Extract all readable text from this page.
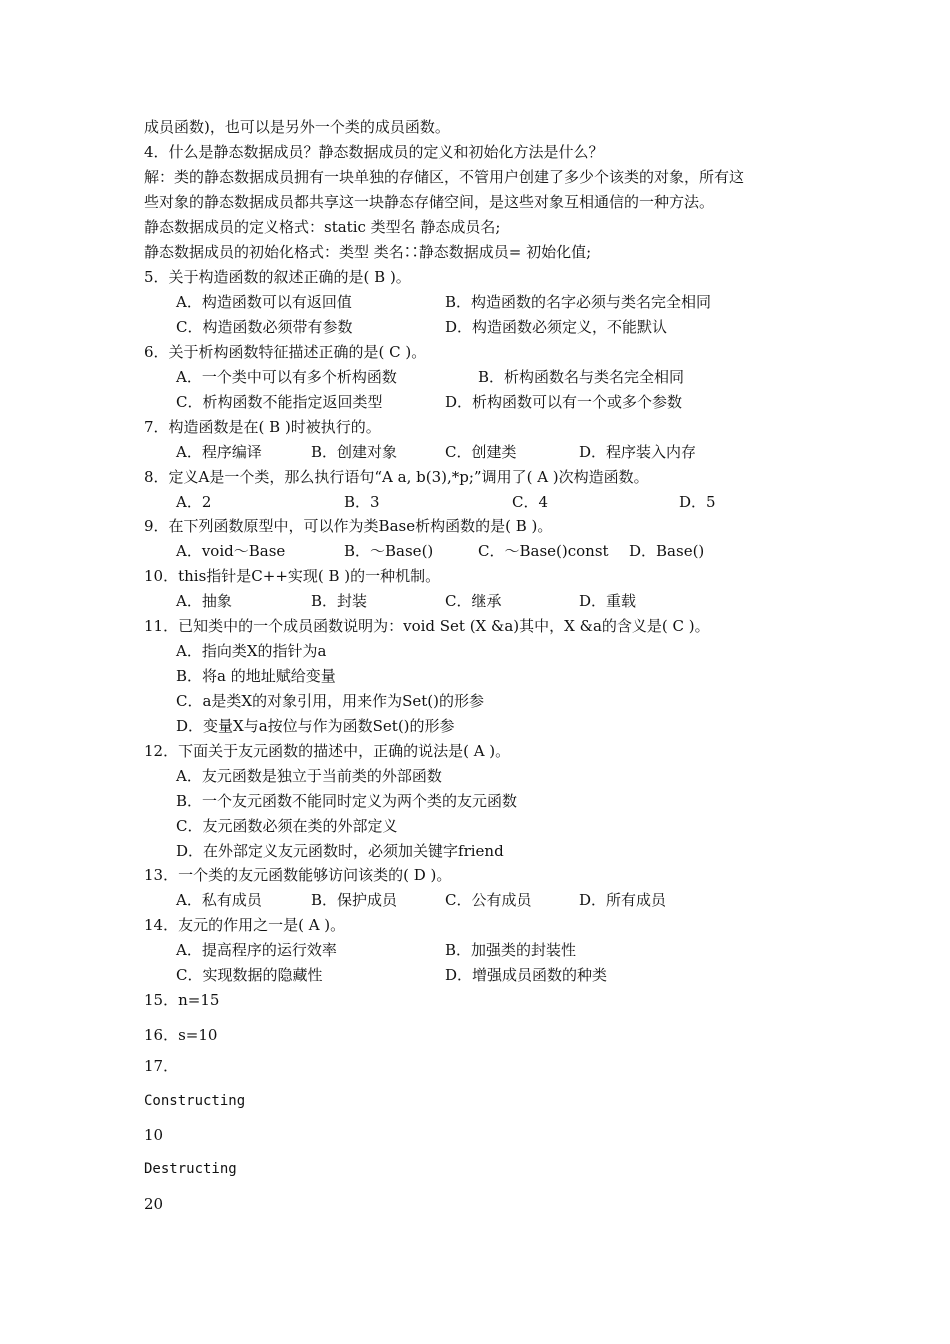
成员函数)，也可以是另外一个类的成员函数。
4．什么是静态数据成员？静态数据成员的定义和初始化方法是什么？
解：类的静态数据成员拥有一块单独的存储区，不管用户创建了多少个该类的对象，所有这
些对象的静态数据成员都共享这一块静态存储空间，是这些对象互相通信的一种方法。
静态数据成员的定义格式：static 类型名 静态成员名;
静态数据成员的初始化格式：类型 类名∷静态数据成员= 初始化值;
5．关于构造函数的叙述正确的是( B )。
A．构造函数可以有返回值	B．构造函数的名字必须与类名完全相同
C．构造函数必须带有参数	D．构造函数必须定义，不能默认
6．关于析构函数特征描述正确的是( C )。
A．一个类中可以有多个析构函数	B．析构函数名与类名完全相同
C．析构函数不能指定返回类型	D．析构函数可以有一个或多个参数
7．构造函数是在( B )时被执行的。
A．程序编译	B．创建对象	C．创建类	D．程序装入内存
8．定义A是一个类，那么执行语句“A a, b(3),*p;”调用了( A )次构造函数。
A．2	B．3	C．4	D．5
9．在下列函数原型中，可以作为类Base析构函数的是( B )。
A．void～Base	B．～Base()	C．～Base()const D．Base()
10．this指针是C++实现( B )的一种机制。
A．抽象	B．封装	C．继承	D．重载
11．已知类中的一个成员函数说明为：void Set (X &a)其中，X &a的含义是( C )。
A．指向类X的指针为a
B．将a 的地址赋给变量
C．a是类X的对象引用，用来作为Set()的形参
D．变量X与a按位与作为函数Set()的形参
12．下面关于友元函数的描述中，正确的说法是( A )。
A．友元函数是独立于当前类的外部函数
B．一个友元函数不能同时定义为两个类的友元函数
C．友元函数必须在类的外部定义
D．在外部定义友元函数时，必须加关键字friend
13．一个类的友元函数能够访问该类的( D )。
A．私有成员	B．保护成员	C．公有成员	D．所有成员
14．友元的作用之一是( A )。
A．提高程序的运行效率	B．加强类的封装性
C．实现数据的隐藏性	D．增强成员函数的种类
15．n=15
16．s=10
17．
Constructing
10
Destructing
20
